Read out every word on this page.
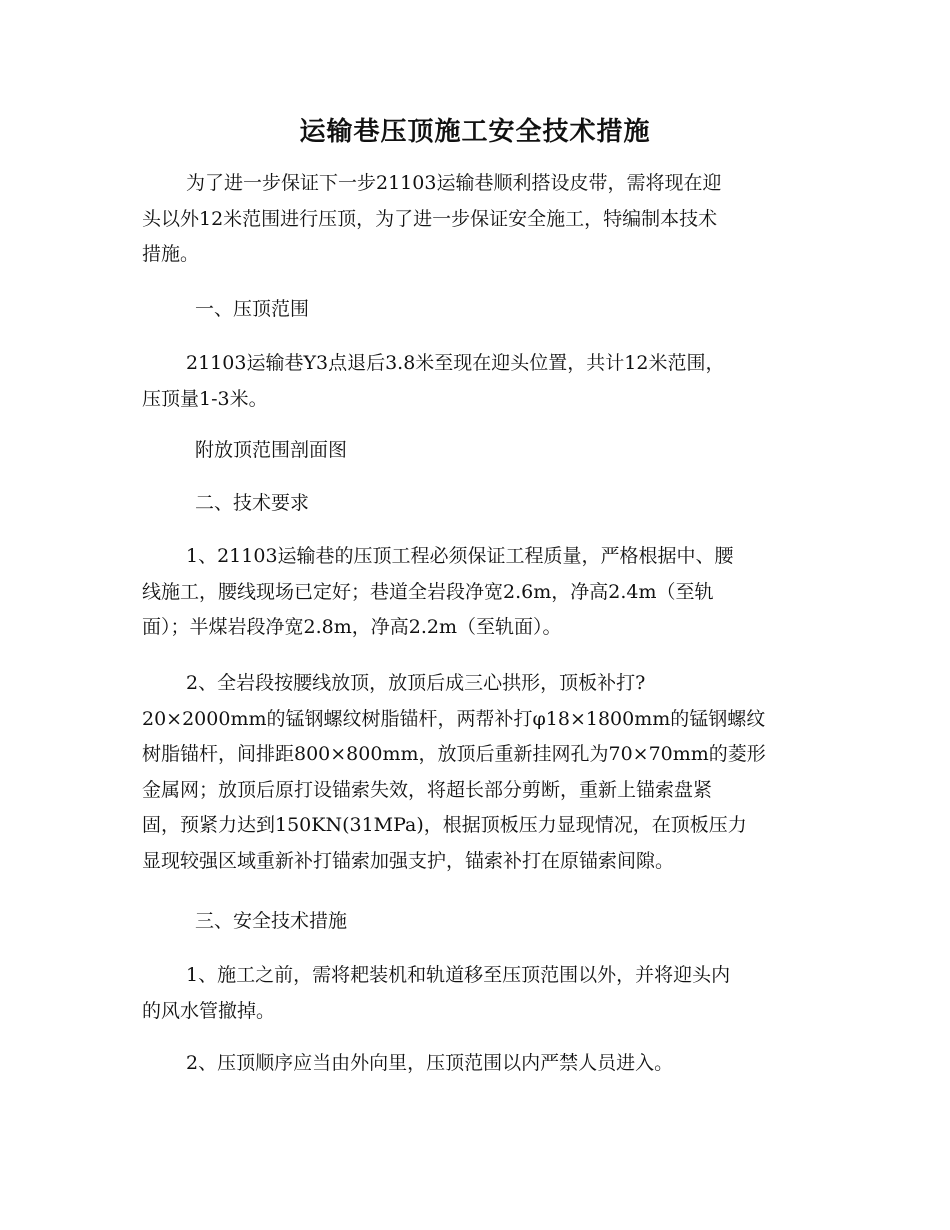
运输巷压顶施工安全技术措施
为了进一步保证下一步21103运输巷顺利搭设皮带，需将现在迎
头以外12米范围进行压顶，为了进一步保证安全施工，特编制本技术
措施。
一、压顶范围
21103运输巷Y3点退后3.8米至现在迎头位置，共计12米范围，
压顶量1-3米。
附放顶范围剖面图
二、技术要求
1、21103运输巷的压顶工程必须保证工程质量，严格根据中、腰
线施工，腰线现场已定好；巷道全岩段净宽2.6m，净高2.4m（至轨
面）；半煤岩段净宽2.8m，净高2.2m（至轨面）。
2、全岩段按腰线放顶，放顶后成三心拱形，顶板补打?
20×2000mm的锰钢螺纹树脂锚杆，两帮补打φ18×1800mm的锰钢螺纹
树脂锚杆，间排距800×800mm，放顶后重新挂网孔为70×70mm的菱形
金属网；放顶后原打设锚索失效，将超长部分剪断，重新上锚索盘紧
固，预紧力达到150KN(31MPa)，根据顶板压力显现情况，在顶板压力
显现较强区域重新补打锚索加强支护，锚索补打在原锚索间隙。
三、安全技术措施
1、施工之前，需将耙装机和轨道移至压顶范围以外，并将迎头内
的风水管撤掉。
2、压顶顺序应当由外向里，压顶范围以内严禁人员进入。
